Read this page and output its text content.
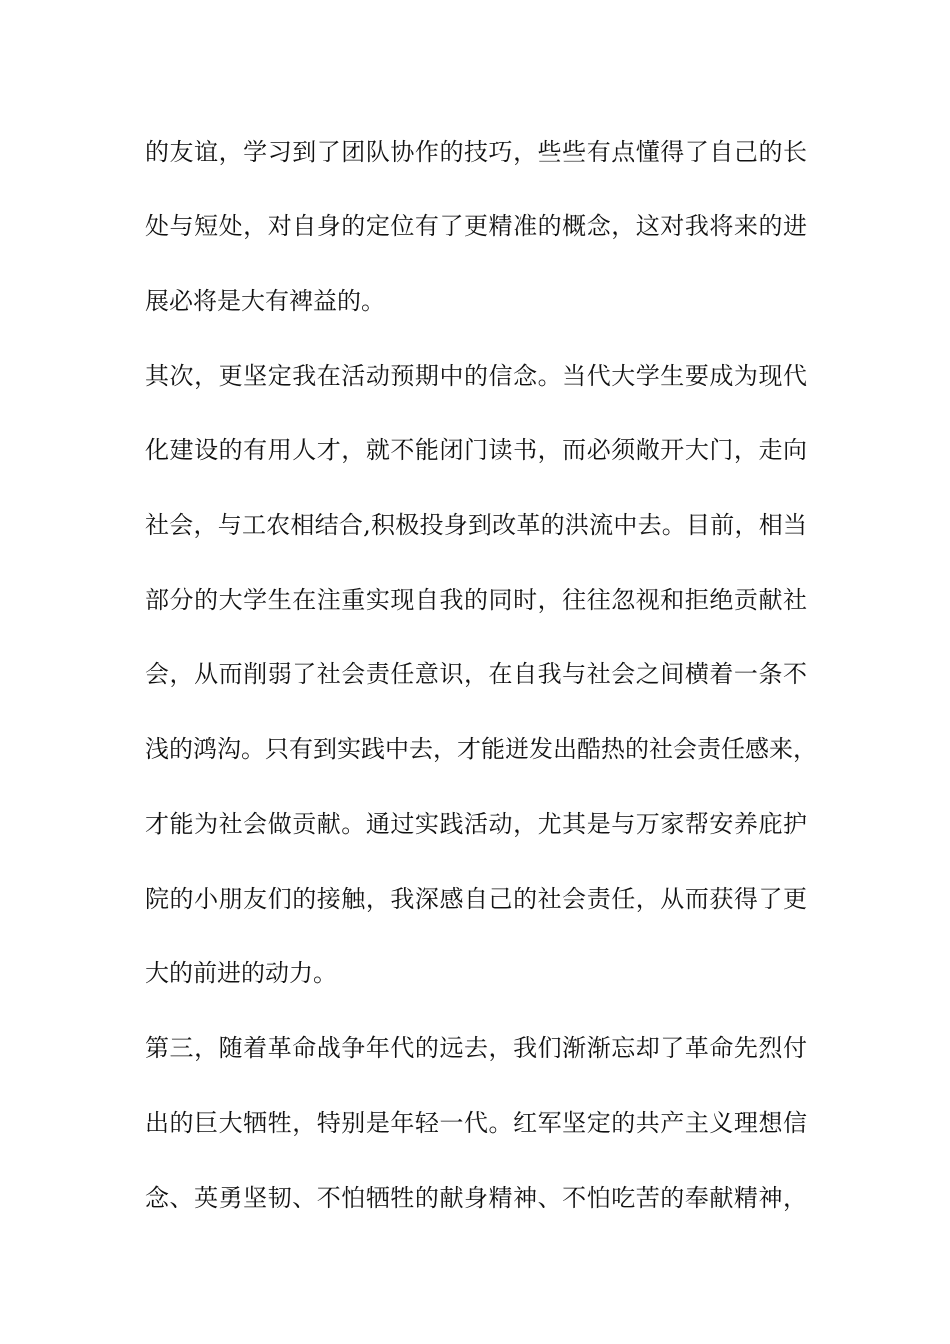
的友谊，学习到了团队协作的技巧，些些有点懂得了自己的长
处与短处，对自身的定位有了更精准的概念，这对我将来的进
展必将是大有裨益的。
其次，更坚定我在活动预期中的信念。当代大学生要成为现代
化建设的有用人才，就不能闭门读书，而必须敞开大门，走向
社会，与工农相结合,积极投身到改革的洪流中去。目前，相当
部分的大学生在注重实现自我的同时，往往忽视和拒绝贡献社
会，从而削弱了社会责任意识，在自我与社会之间横着一条不
浅的鸿沟。只有到实践中去，才能迸发出酷热的社会责任感来，
才能为社会做贡献。通过实践活动，尤其是与万家帮安养庇护
院的小朋友们的接触，我深感自己的社会责任，从而获得了更
大的前进的动力。
第三，随着革命战争年代的远去，我们渐渐忘却了革命先烈付
出的巨大牺牲，特别是年轻一代。红军坚定的共产主义理想信
念、英勇坚韧、不怕牺牲的献身精神、不怕吃苦的奉献精神，
